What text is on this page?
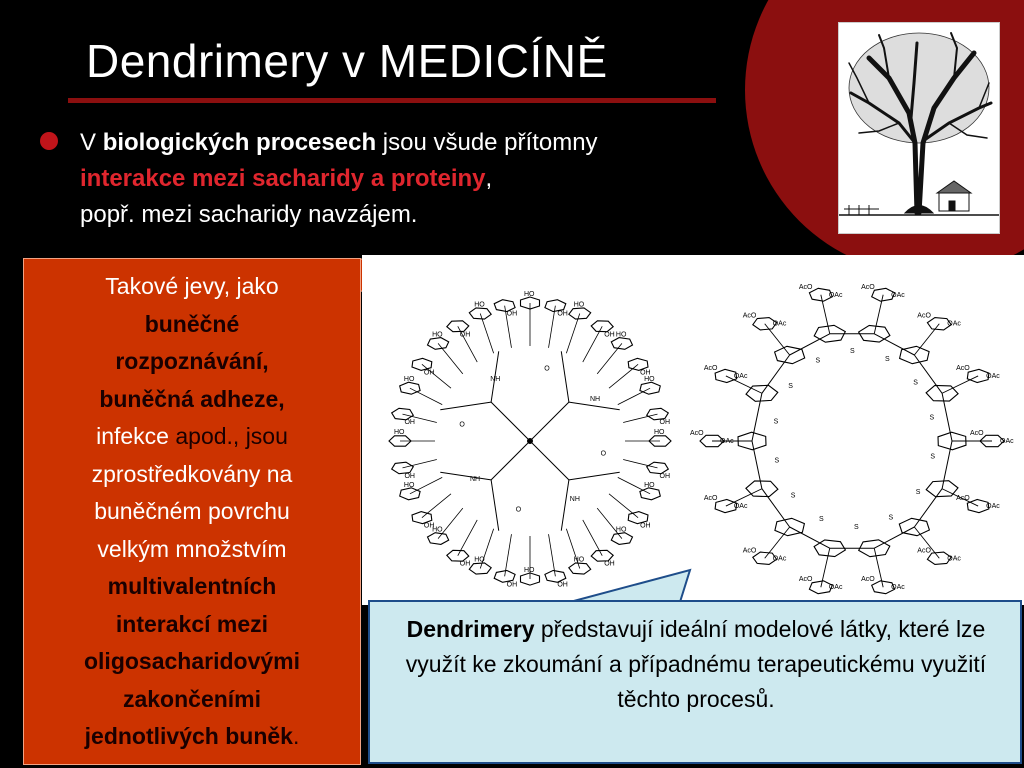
Dendrimery v MEDICÍNĚ
V biologických procesech jsou všude přítomny
interakce mezi sacharidy a proteiny,
popř. mezi sacharidy navzájem.
Takové jevy, jako
buněčné
rozpoznávání,
buněčná adheze,
infekce apod., jsou
zprostředkovány na
buněčném povrchu
velkým množstvím
multivalentních
interakcí mezi
oligosacharidovými
zakončeními
jednotlivých buněk.
HO
OH
HO
OH
HO
OH
HO
OH
HO
OH
HO
OH
HO
OH
HO
OH
HO
OH
HO
OH
HO OH
HO
OH
HO
OH
HO
OH HO
OH
HO
OH
O
NH
O
NH
O
NH
O
NH
OAc
AcO
S
OAc
AcO
S
OAc
AcO
S
OAc
AcO
S
OAc
AcO
S
OAc
AcO
S
OAc
AcO
S
OAc
AcO
S
OAc
AcO
S
OAc
AcO
S
OAc
AcO
S
OAc
AcO
S
OAc
AcO
S
OAc
AcO
S
Dendrimery představují ideální modelové látky, které lze využít ke zkoumání a případnému terapeutickému využití těchto procesů.
